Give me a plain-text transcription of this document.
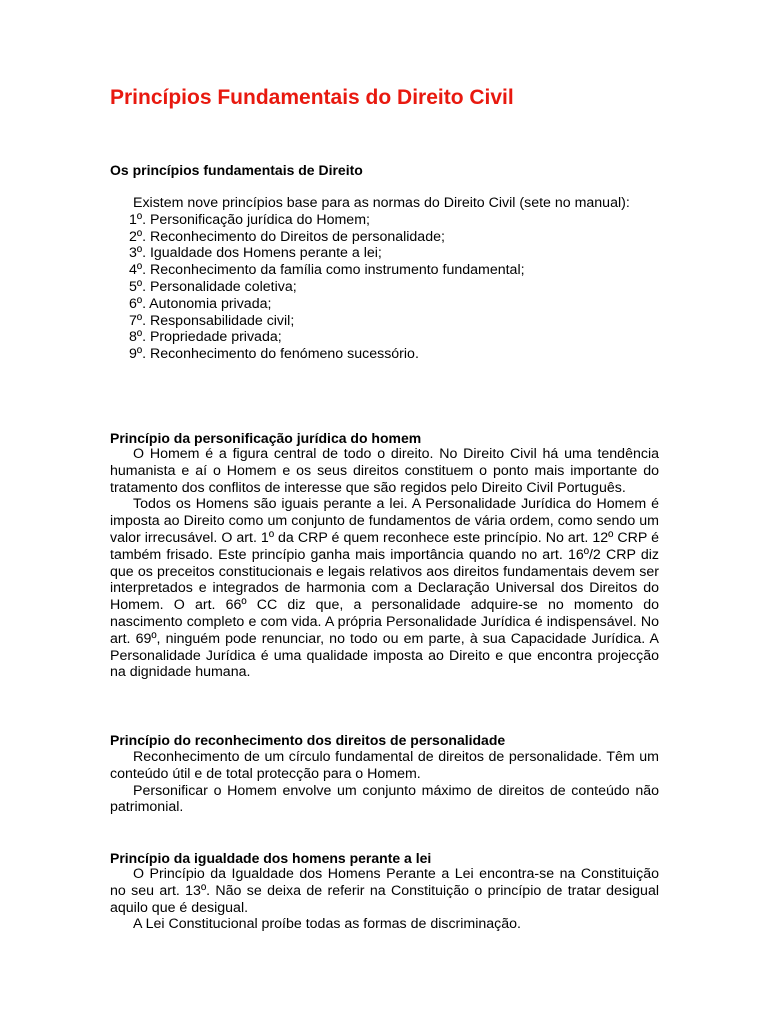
Princípios Fundamentais do Direito Civil
Os princípios fundamentais de Direito

Existem nove princípios base para as normas do Direito Civil (sete no manual):

1º. Personificação jurídica do Homem;
2º. Reconhecimento do Direitos de personalidade;
3º. Igualdade dos Homens perante a lei;
4º. Reconhecimento da família como instrumento fundamental;
5º. Personalidade coletiva;
6º. Autonomia privada;
7º. Responsabilidade civil;
8º. Propriedade privada;
9º. Reconhecimento do fenómeno sucessório.
Princípio da personificação jurídica do homem

O Homem é a figura central de todo o direito. No Direito Civil há uma tendência humanista e aí o Homem e os seus direitos constituem o ponto mais importante do tratamento dos conflitos de interesse que são regidos pelo Direito Civil Português.

Todos os Homens são iguais perante a lei. A Personalidade Jurídica do Homem é imposta ao Direito como um conjunto de fundamentos de vária ordem, como sendo um valor irrecusável. O art. 1º da CRP é quem reconhece este princípio. No art. 12º CRP é também frisado. Este princípio ganha mais importância quando no art. 16º/2 CRP diz que os preceitos constitucionais e legais relativos aos direitos fundamentais devem ser interpretados e integrados de harmonia com a Declaração Universal dos Direitos do Homem. O art. 66º CC diz que, a personalidade adquire-se no momento do nascimento completo e com vida. A própria Personalidade Jurídica é indispensável. No art. 69º, ninguém pode renunciar, no todo ou em parte, à sua Capacidade Jurídica. A Personalidade Jurídica é uma qualidade imposta ao Direito e que encontra projecção na dignidade humana.

Princípio do reconhecimento dos direitos de personalidade

Reconhecimento de um círculo fundamental de direitos de personalidade. Têm um conteúdo útil e de total protecção para o Homem.

Personificar o Homem envolve um conjunto máximo de direitos de conteúdo não patrimonial.

Princípio da igualdade dos homens perante a lei

O Princípio da Igualdade dos Homens Perante a Lei encontra-se na Constituição no seu art. 13º. Não se deixa de referir na Constituição o princípio de tratar desigual aquilo que é desigual.

A Lei Constitucional proíbe todas as formas de discriminação.
